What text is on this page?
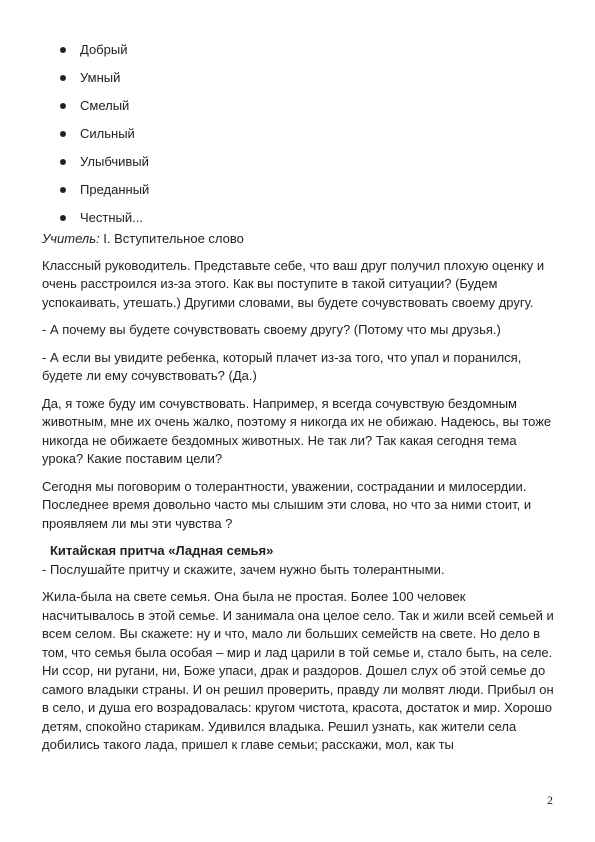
Добрый
Умный
Смелый
Сильный
Улыбчивый
Преданный
Честный...

Учитель: I. Вступительное слово

Классный руководитель. Представьте себе, что ваш друг получил плохую оценку и очень расстроился из-за этого. Как вы поступите в такой ситуации? (Будем успокаивать, утешать.) Другими словами, вы будете сочувствовать своему другу.

- А почему вы будете сочувствовать своему другу? (Потому что мы друзья.)

- А если вы увидите ребенка, который плачет из-за того, что упал и поранился, будете ли ему сочувствовать? (Да.)

Да, я тоже буду им сочувствовать. Например, я всегда сочувствую бездомным животным, мне их очень жалко, поэтому я никогда их не обижаю. Надеюсь, вы тоже никогда не обижаете бездомных животных. Не так ли? Так какая сегодня тема урока? Какие поставим цели?

Сегодня мы поговорим о толерантности, уважении, сострадании и милосердии. Последнее время довольно часто мы слышим эти слова, но что за ними стоит, и проявляем ли мы эти чувства ?

Китайская притча «Ладная семья»

- Послушайте притчу и скажите, зачем нужно быть толерантными.

Жила-была на свете семья. Она была не простая. Более 100 человек насчитывалось в этой семье. И занимала она целое село. Так и жили всей семьей и всем селом. Вы скажете: ну и что, мало ли больших семейств на свете. Но дело в том, что семья была особая – мир и лад царили в той семье и, стало быть, на селе. Ни ссор, ни ругани, ни, Боже упаси, драк и раздоров. Дошел слух об этой семье до самого владыки страны. И он решил проверить, правду ли молвят люди. Прибыл он в село, и душа его возрадовалась: кругом чистота, красота, достаток и мир. Хорошо детям, спокойно старикам. Удивился владыка. Решил узнать, как жители села добились такого лада, пришел к главе семьи; расскажи, мол, как ты

2
